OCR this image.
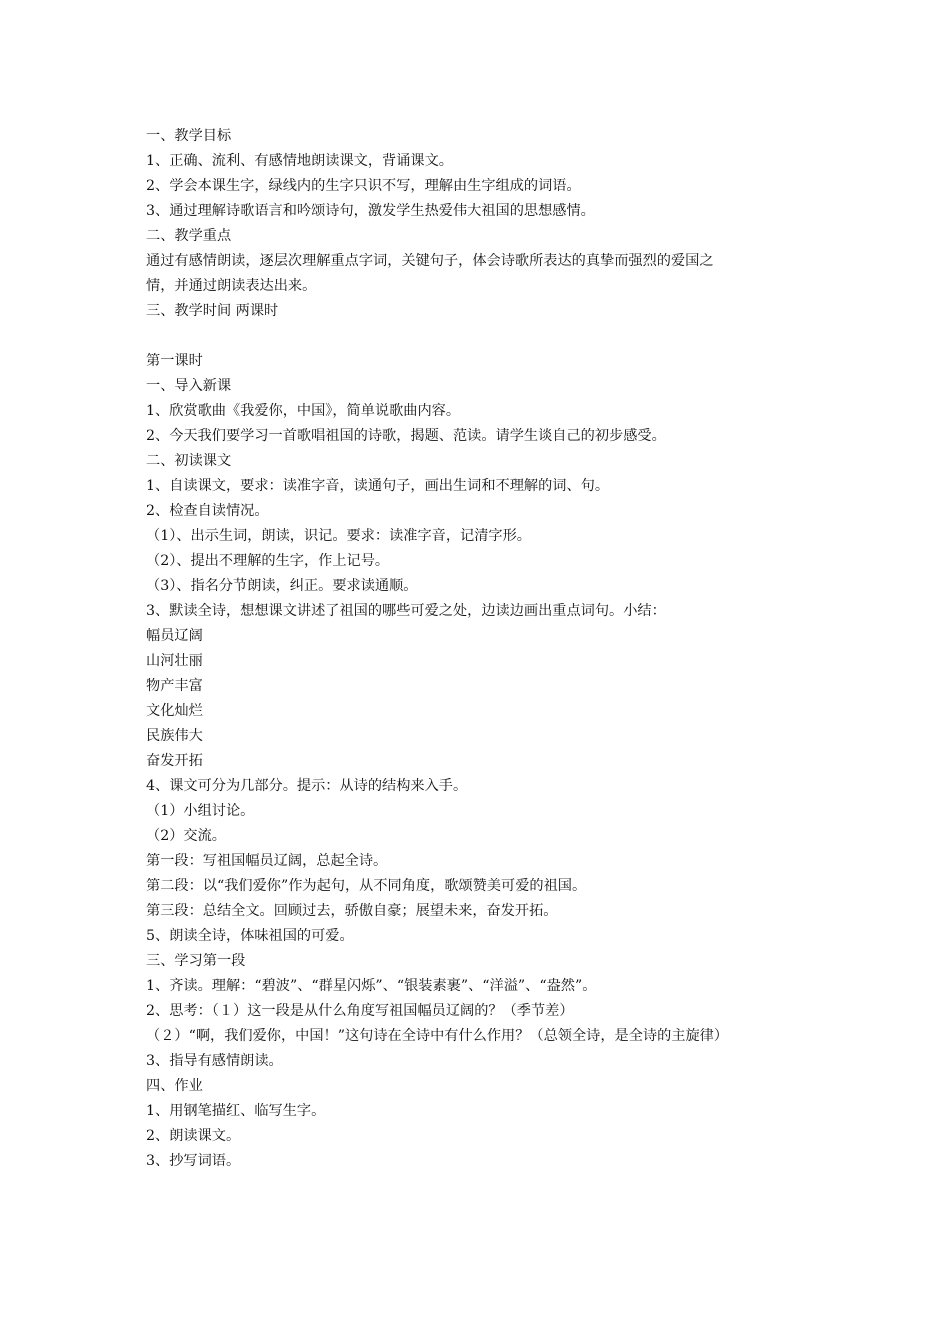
一、教学目标
1、正确、流利、有感情地朗读课文，背诵课文。
2、学会本课生字，绿线内的生字只识不写，理解由生字组成的词语。
3、通过理解诗歌语言和吟颂诗句，激发学生热爱伟大祖国的思想感情。
二、教学重点
通过有感情朗读，逐层次理解重点字词，关键句子，体会诗歌所表达的真挚而强烈的爱国之
情，并通过朗读表达出来。
三、教学时间 两课时
第一课时
一、导入新课
1、欣赏歌曲《我爱你，中国》，简单说歌曲内容。
2、今天我们要学习一首歌唱祖国的诗歌，揭题、范读。请学生谈自己的初步感受。
二、初读课文
1、自读课文，要求：读准字音，读通句子，画出生词和不理解的词、句。
2、检查自读情况。
（1）、出示生词，朗读，识记。要求：读准字音，记清字形。
（2）、提出不理解的生字，作上记号。
（3）、指名分节朗读，纠正。要求读通顺。
3、默读全诗，想想课文讲述了祖国的哪些可爱之处，边读边画出重点词句。小结：
幅员辽阔
山河壮丽
物产丰富
文化灿烂
民族伟大
奋发开拓
4、课文可分为几部分。提示：从诗的结构来入手。
（1）小组讨论。
（2）交流。
第一段：写祖国幅员辽阔，总起全诗。
第二段：以“我们爱你”作为起句，从不同角度，歌颂赞美可爱的祖国。
第三段：总结全文。回顾过去，骄傲自豪；展望未来，奋发开拓。
5、朗读全诗，体味祖国的可爱。
三、学习第一段
1、齐读。理解：“碧波”、“群星闪烁”、“银装素裹”、“洋溢”、“盎然”。
2、思考：（１）这一段是从什么角度写祖国幅员辽阔的？（季节差）
（２）“啊，我们爱你，中国！”这句诗在全诗中有什么作用？（总领全诗，是全诗的主旋律）
3、指导有感情朗读。
四、作业
1、用钢笔描红、临写生字。
2、朗读课文。
3、抄写词语。
